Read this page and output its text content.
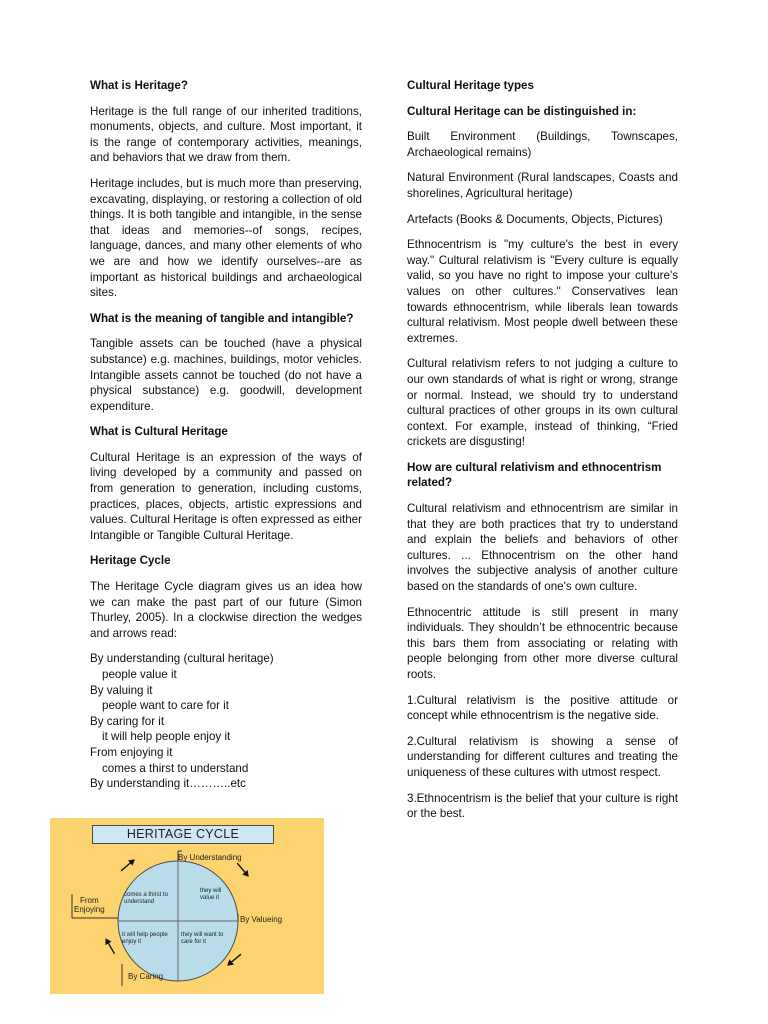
What is Heritage?

Heritage is the full range of our inherited traditions, monuments, objects, and culture. Most important, it is the range of contemporary activities, meanings, and behaviors that we draw from them.

Heritage includes, but is much more than preserving, excavating, displaying, or restoring a collection of old things. It is both tangible and intangible, in the sense that ideas and memories--of songs, recipes, language, dances, and many other elements of who we are and how we identify ourselves--are as important as historical buildings and archaeological sites.

What is the meaning of tangible and intangible?

Tangible assets can be touched (have a physical substance) e.g. machines, buildings, motor vehicles. Intangible assets cannot be touched (do not have a physical substance) e.g. goodwill, development expenditure.

What is Cultural Heritage

Cultural Heritage is an expression of the ways of living developed by a community and passed on from generation to generation, including customs, practices, places, objects, artistic expressions and values. Cultural Heritage is often expressed as either Intangible or Tangible Cultural Heritage.

Heritage Cycle

The Heritage Cycle diagram gives us an idea how we can make the past part of our future (Simon Thurley, 2005). In a clockwise direction the wedges and arrows read:

By understanding (cultural heritage)
people value it
By valuing it
people want to care for it
By caring for it
it will help people enjoy it
From enjoying it
comes a thirst to understand
By understanding it………..etc

Cultural Heritage types

Cultural Heritage can be distinguished in:

Built Environment (Buildings, Townscapes, Archaeological remains)

Natural Environment (Rural landscapes, Coasts and shorelines, Agricultural heritage)

Artefacts (Books & Documents, Objects, Pictures)

Ethnocentrism is "my culture's the best in every way." Cultural relativism is "Every culture is equally valid, so you have no right to impose your culture's values on other cultures." Conservatives lean towards ethnocentrism, while liberals lean towards cultural relativism. Most people dwell between these extremes.

Cultural relativism refers to not judging a culture to our own standards of what is right or wrong, strange or normal. Instead, we should try to understand cultural practices of other groups in its own cultural context. For example, instead of thinking, “Fried crickets are disgusting!

How are cultural relativism and ethnocentrism related?

Cultural relativism and ethnocentrism are similar in that they are both practices that try to understand and explain the beliefs and behaviors of other cultures. ... Ethnocentrism on the other hand involves the subjective analysis of another culture based on the standards of one's own culture.

Ethnocentric attitude is still present in many individuals. They shouldn’t be ethnocentric because this bars them from associating or relating with people belonging from other more diverse cultural roots.

1.Cultural relativism is the positive attitude or concept while ethnocentrism is the negative side.

2.Cultural relativism is showing a sense of understanding for different cultures and treating the uniqueness of these cultures with utmost respect.

3.Ethnocentrism is the belief that your culture is right or the best.

HERITAGE CYCLE
By Understanding
By Valueing
By Caring
From
Enjoying
comes a thirst to understand
they will value it
it will help people enjoy it
they will want to care for it
